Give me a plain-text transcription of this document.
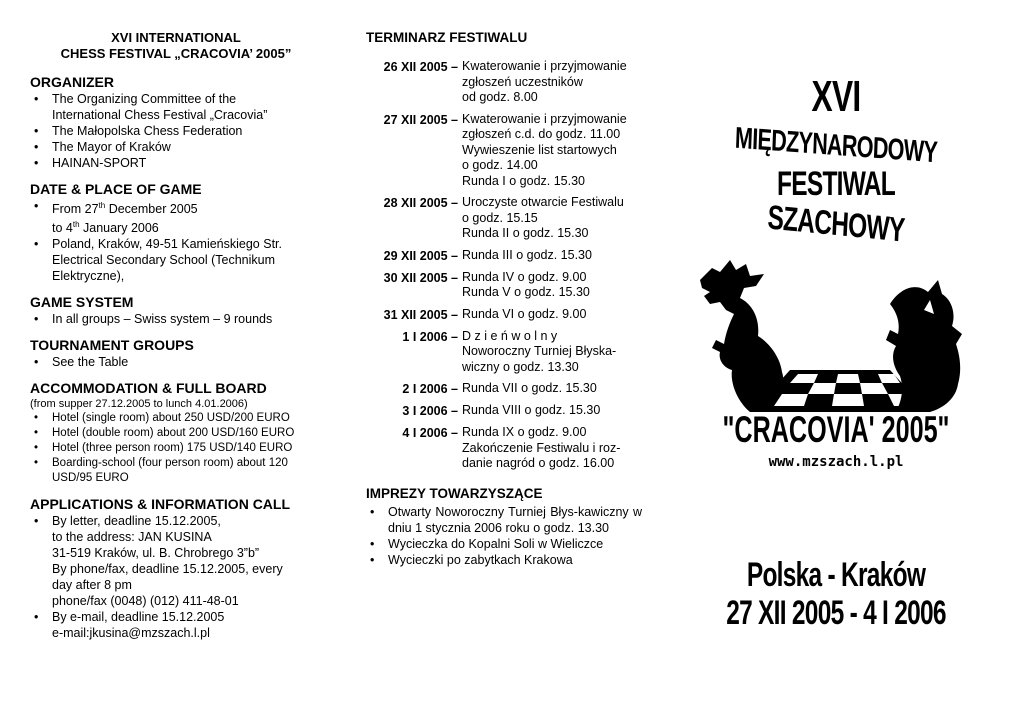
XVI INTERNATIONAL
CHESS FESTIVAL „CRACOVIA’ 2005”
ORGANIZER
• The Organizing Committee of the
International Chess Festival „Cracovia”
• The Małopolska Chess Federation
• The Mayor of Kraków
• HAINAN-SPORT
DATE & PLACE OF GAME
• From 27th December 2005
to 4th January 2006
• Poland, Kraków, 49-51 Kamieńskiego Str.
Electrical Secondary School (Technikum
Elektryczne),
GAME SYSTEM
• In all groups – Swiss system – 9 rounds
TOURNAMENT GROUPS
• See the Table
ACCOMMODATION & FULL BOARD
(from supper 27.12.2005 to lunch 4.01.2006)
• Hotel (single room) about 250 USD/200 EURO
• Hotel (double room) about 200 USD/160 EURO
• Hotel (three person room) 175 USD/140 EURO
• Boarding-school (four person room) about 120
USD/95 EURO
APPLICATIONS & INFORMATION CALL
• By letter, deadline 15.12.2005,
to the address: JAN KUSINA
31-519 Kraków, ul. B. Chrobrego 3”b”
By phone/fax, deadline 15.12.2005, every
day after 8 pm
phone/fax (0048) (012) 411-48-01
• By e-mail, deadline 15.12.2005
e-mail:jkusina@mzszach.l.pl
TERMINARZ FESTIWALU
26 XII 2005 – Kwaterowanie i przyjmowanie
zgłoszeń uczestników
od godz. 8.00
27 XII 2005 – Kwaterowanie i przyjmowanie
zgłoszeń c.d. do godz. 11.00
Wywieszenie list startowych
o godz. 14.00
Runda I o godz. 15.30
28 XII 2005 – Uroczyste otwarcie Festiwalu
o godz. 15.15
Runda II o godz. 15.30
29 XII 2005 – Runda III o godz. 15.30
30 XII 2005 – Runda IV o godz. 9.00
Runda V o godz. 15.30
31 XII 2005 – Runda VI o godz. 9.00
1 I 2006 – D z i e ń w o l n y
Noworoczny Turniej Błyska-
wiczny o godz. 13.30
2 I 2006 – Runda VII o godz. 15.30
3 I 2006 – Runda VIII o godz. 15.30
4 I 2006 – Runda IX o godz. 9.00
Zakończenie Festiwalu i roz-
danie nagród o godz. 16.00
IMPREZY TOWARZYSZĄCE
• Otwarty Noworoczny Turniej Błys-kawiczny w dniu 1 stycznia 2006 roku o godz. 13.30
• Wycieczka do Kopalni Soli w Wieliczce
• Wycieczki po zabytkach Krakowa
XVI
MIĘDZYNARODOWY
FESTIWAL
SZACHOWY
"CRACOVIA' 2005"
www.mzszach.l.pl
Polska - Kraków
27 XII 2005 - 4 I 2006
